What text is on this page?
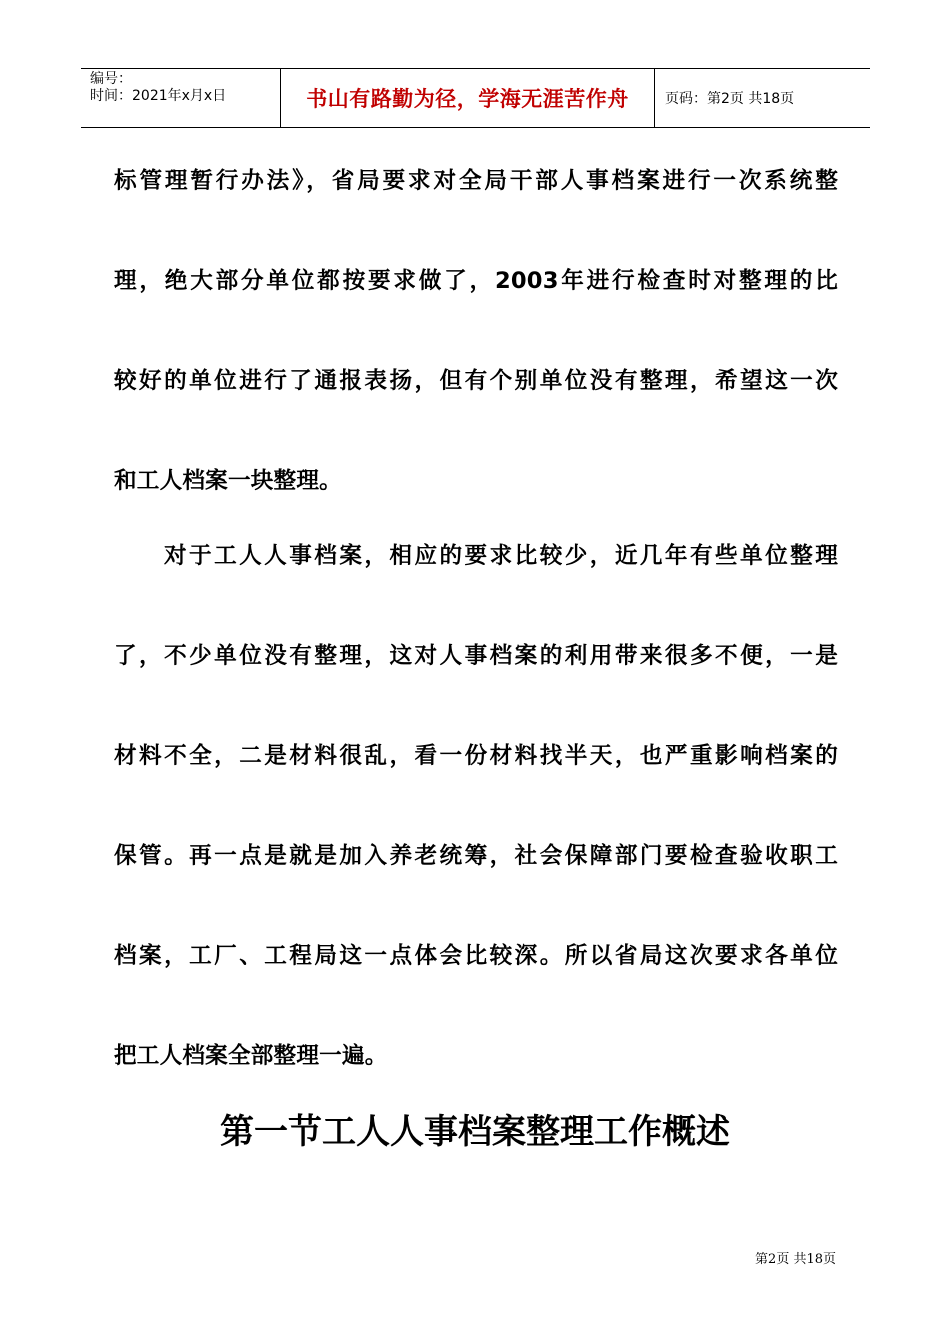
编号：
时间：2021年x月x日	书山有路勤为径，学海无涯苦作舟	页码：第2页 共18页
标管理暂行办法》，省局要求对全局干部人事档案进行一次系统整
理，绝大部分单位都按要求做了，2003年进行检查时对整理的比
较好的单位进行了通报表扬，但有个别单位没有整理，希望这一次
和工人档案一块整理。
对于工人人事档案，相应的要求比较少，近几年有些单位整理
了，不少单位没有整理，这对人事档案的利用带来很多不便，一是
材料不全，二是材料很乱，看一份材料找半天，也严重影响档案的
保管。再一点是就是加入养老统筹，社会保障部门要检查验收职工
档案，工厂、工程局这一点体会比较深。所以省局这次要求各单位
把工人档案全部整理一遍。
第一节工人人事档案整理工作概述
第2页 共18页
